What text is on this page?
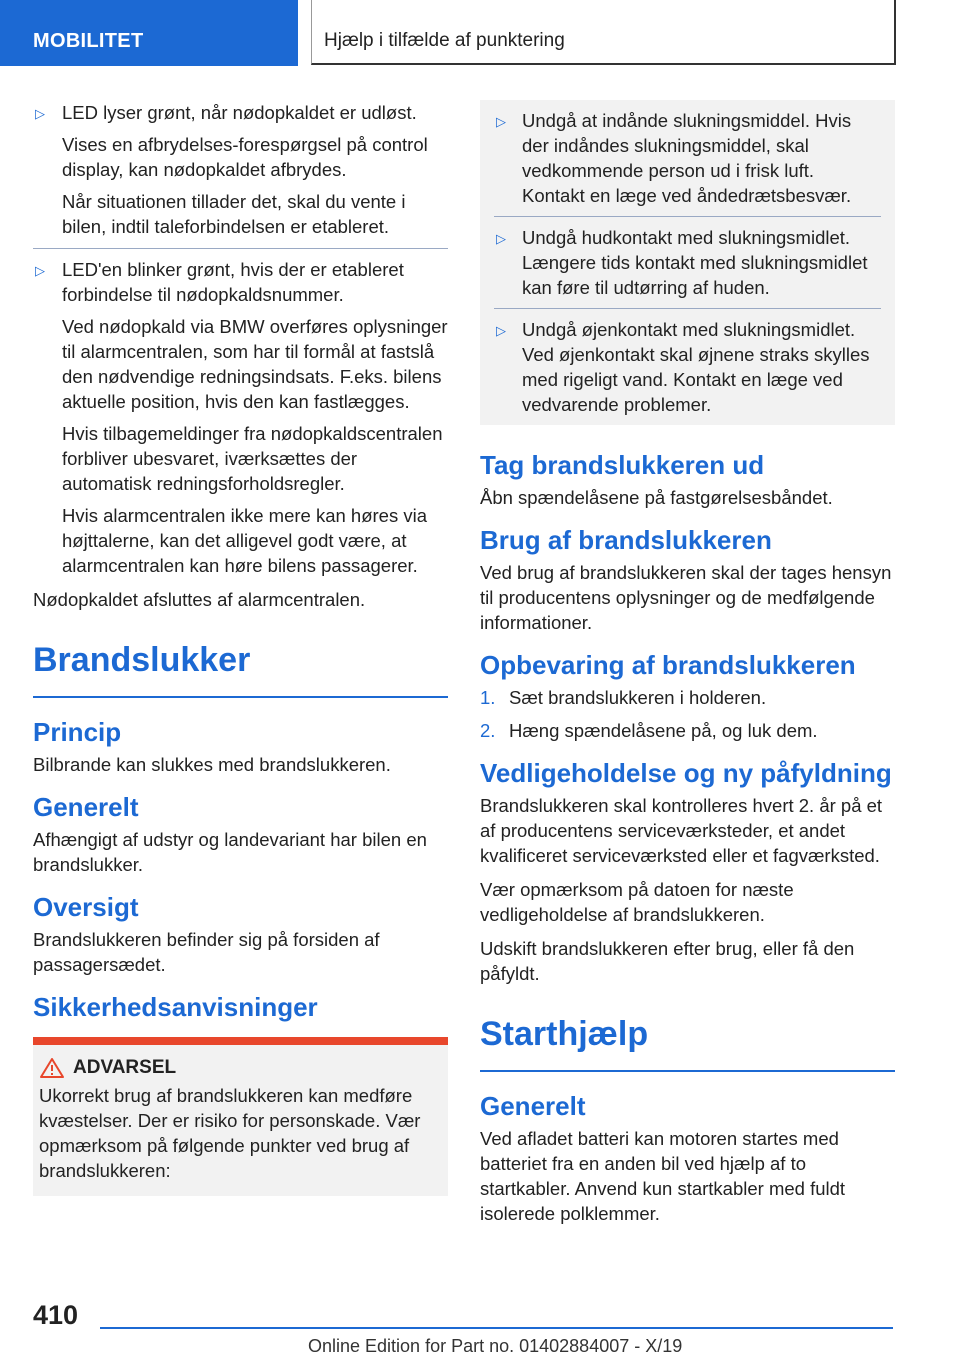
MOBILITET	Hjælp i tilfælde af punktering

▷ LED lyser grønt, når nødopkaldet er udløst.

Vises en afbrydelses-forespørgsel på control display, kan nødopkaldet afbrydes.

Når situationen tillader det, skal du vente i bilen, indtil taleforbindelsen er etableret.

▷ LED'en blinker grønt, hvis der er etableret forbindelse til nødopkaldsnummer.

Ved nødopkald via BMW overføres oplysninger til alarmcentralen, som har til formål at fastslå den nødvendige redningsindsats. F.eks. bilens aktuelle position, hvis den kan fastlægges.

Hvis tilbagemeldinger fra nødopkaldscentralen forbliver ubesvaret, iværksættes der automatisk redningsforholdsregler.

Hvis alarmcentralen ikke mere kan høres via højttalerne, kan det alligevel godt være, at alarmcentralen kan høre bilens passagerer.

Nødopkaldet afsluttes af alarmcentralen.

Brandslukker
Princip

Bilbrande kan slukkes med brandslukkeren.

Generelt

Afhængigt af udstyr og landevariant har bilen en brandslukker.

Oversigt

Brandslukkeren befinder sig på forsiden af passagersædet.

Sikkerhedsanvisninger
ADVARSEL

Ukorrekt brug af brandslukkeren kan medføre kvæstelser. Der er risiko for personskade. Vær opmærksom på følgende punkter ved brug af brandslukkeren:

▷ Undgå at indånde slukningsmiddel. Hvis der indåndes slukningsmiddel, skal vedkommende person ud i frisk luft. Kontakt en læge ved åndedrætsbesvær.

▷ Undgå hudkontakt med slukningsmidlet. Længere tids kontakt med slukningsmidlet kan føre til udtørring af huden.

▷ Undgå øjenkontakt med slukningsmidlet. Ved øjenkontakt skal øjnene straks skylles med rigeligt vand. Kontakt en læge ved vedvarende problemer.

Tag brandslukkeren ud

Åbn spændelåsene på fastgørelsesbåndet.

Brug af brandslukkeren

Ved brug af brandslukkeren skal der tages hensyn til producentens oplysninger og de medfølgende informationer.

Opbevaring af brandslukkeren
1. Sæt brandslukkeren i holderen.
2. Hæng spændelåsene på, og luk dem.
Vedligeholdelse og ny påfyldning

Brandslukkeren skal kontrolleres hvert 2. år på et af producentens serviceværksteder, et andet kvalificeret serviceværksted eller et fagværksted.

Vær opmærksom på datoen for næste vedligeholdelse af brandslukkeren.

Udskift brandslukkeren efter brug, eller få den påfyldt.

Starthjælp
Generelt

Ved afladet batteri kan motoren startes med batteriet fra en anden bil ved hjælp af to startkabler. Anvend kun startkabler med fuldt isolerede polklemmer.

410
Online Edition for Part no. 01402884007 - X/19
